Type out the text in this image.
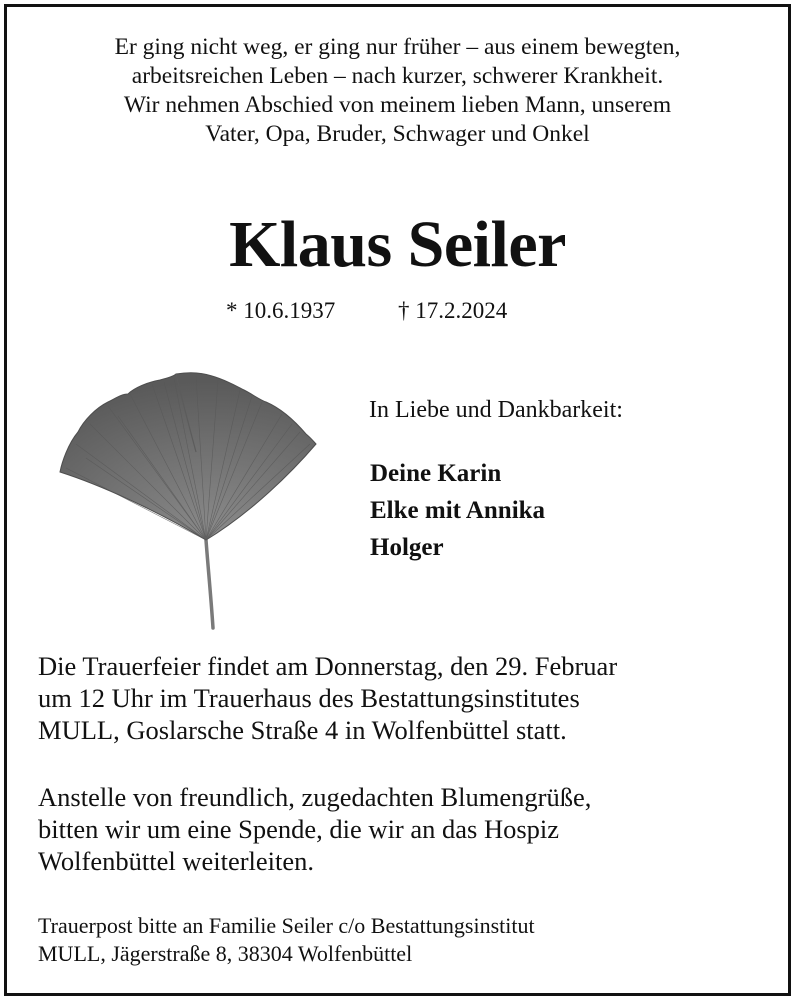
Er ging nicht weg, er ging nur früher – aus einem bewegten,
arbeitsreichen Leben – nach kurzer, schwerer Krankheit.
Wir nehmen Abschied von meinem lieben Mann, unserem
Vater, Opa, Bruder, Schwager und Onkel
Klaus Seiler
* 10.6.1937	† 17.2.2024
In Liebe und Dankbarkeit:
Deine Karin
Elke mit Annika
Holger
Die Trauerfeier findet am Donnerstag, den 29. Februar
um 12 Uhr im Trauerhaus des Bestattungsinstitutes
MULL, Goslarsche Straße 4 in Wolfenbüttel statt.
Anstelle von freundlich, zugedachten Blumengrüße,
bitten wir um eine Spende, die wir an das Hospiz
Wolfenbüttel weiterleiten.
Trauerpost bitte an Familie Seiler c/o Bestattungsinstitut
MULL, Jägerstraße 8, 38304 Wolfenbüttel
